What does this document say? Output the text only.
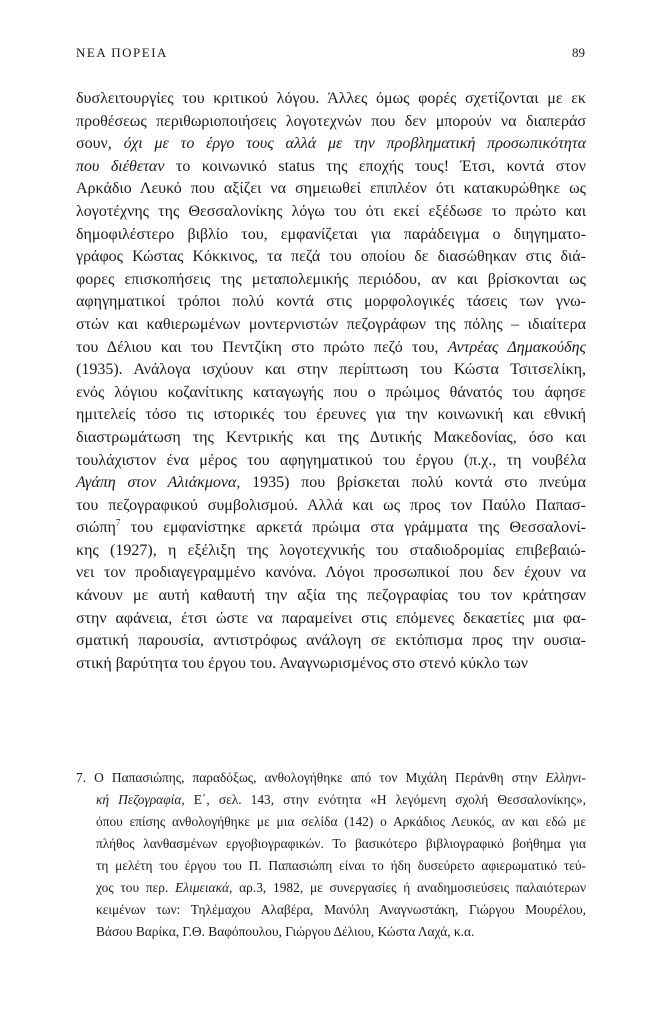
ΝΕΑ ΠΟΡΕΙΑ	89
δυσλειτουργίες του κριτικού λόγου. Άλλες όμως φορές σχετίζονται με εκ
προθέσεως περιθωριοποιήσεις λογοτεχνών που δεν μπορούν να διαπεράσ
σουν, όχι με το έργο τους αλλά με την προβληματική προσωπικότητα
που διέθεταν το κοινωνικό status της εποχής τους! Έτσι, κοντά στον
Αρκάδιο Λευκό που αξίζει να σημειωθεί επιπλέον ότι κατακυρώθηκε ως
λογοτέχνης της Θεσσαλονίκης λόγω του ότι εκεί εξέδωσε το πρώτο και
δημοφιλέστερο βιβλίο του, εμφανίζεται για παράδειγμα ο διηγηματο-
γράφος Κώστας Κόκκινος, τα πεζά του οποίου δε διασώθηκαν στις διά-
φορες επισκοπήσεις της μεταπολεμικής περιόδου, αν και βρίσκονται ως
αφηγηματικοί τρόποι πολύ κοντά στις μορφολογικές τάσεις των γνω-
στών και καθιερωμένων μοντερνιστών πεζογράφων της πόλης – ιδιαίτερα
του Δέλιου και του Πεντζίκη στο πρώτο πεζό του, Αντρέας Δημακούδης
(1935). Ανάλογα ισχύουν και στην περίπτωση του Κώστα Τσιτσελίκη,
ενός λόγιου κοζανίτικης καταγωγής που ο πρώιμος θάνατός του άφησε
ημιτελείς τόσο τις ιστορικές του έρευνες για την κοινωνική και εθνική
διαστρωμάτωση της Κεντρικής και της Δυτικής Μακεδονίας, όσο και
τουλάχιστον ένα μέρος του αφηγηματικού του έργου (π.χ., τη νουβέλα
Αγάπη στον Αλιάκμονα, 1935) που βρίσκεται πολύ κοντά στο πνεύμα
του πεζογραφικού συμβολισμού. Αλλά και ως προς τον Παύλο Παπασ-
σιώπη$^7$ του εμφανίστηκε αρκετά πρώιμα στα γράμματα της Θεσσαλονί-
κης (1927), η εξέλιξη της λογοτεχνικής του σταδιοδρομίας επιβεβαιώ-
νει τον προδιαγεγραμμένο κανόνα. Λόγοι προσωπικοί που δεν έχουν να
κάνουν με αυτή καθαυτή την αξία της πεζογραφίας του τον κράτησαν
στην αφάνεια, έτσι ώστε να παραμείνει στις επόμενες δεκαετίες μια φα-
σματική παρουσία, αντιστρόφως ανάλογη σε εκτόπισμα προς την ουσια-
στική βαρύτητα του έργου του. Αναγνωρισμένος στο στενό κύκλο των
7. Ο Παπασιώπης, παραδόξως, ανθολογήθηκε από τον Μιχάλη Περάνθη στην Ελληνι-
κή Πεζογραφία, Ε΄, σελ. 143, στην ενότητα «Η λεγόμενη σχολή Θεσσαλονίκης»,
όπου επίσης ανθολογήθηκε με μια σελίδα (142) ο Αρκάδιος Λευκός, αν και εδώ με
πλήθος λανθασμένων εργοβιογραφικών. Το βασικότερο βιβλιογραφικό βοήθημα για
τη μελέτη του έργου του Π. Παπασιώπη είναι το ήδη δυσεύρετο αφιερωματικό τεύ-
χος του περ. Ελιμειακά, αρ.3, 1982, με συνεργασίες ή αναδημοσιεύσεις παλαιότερων
κειμένων των: Τηλέμαχου Αλαβέρα, Μανόλη Αναγνωστάκη, Γιώργου Μουρέλου,
Βάσου Βαρίκα, Γ.Θ. Βαφόπουλου, Γιώργου Δέλιου, Κώστα Λαχά, κ.α.
